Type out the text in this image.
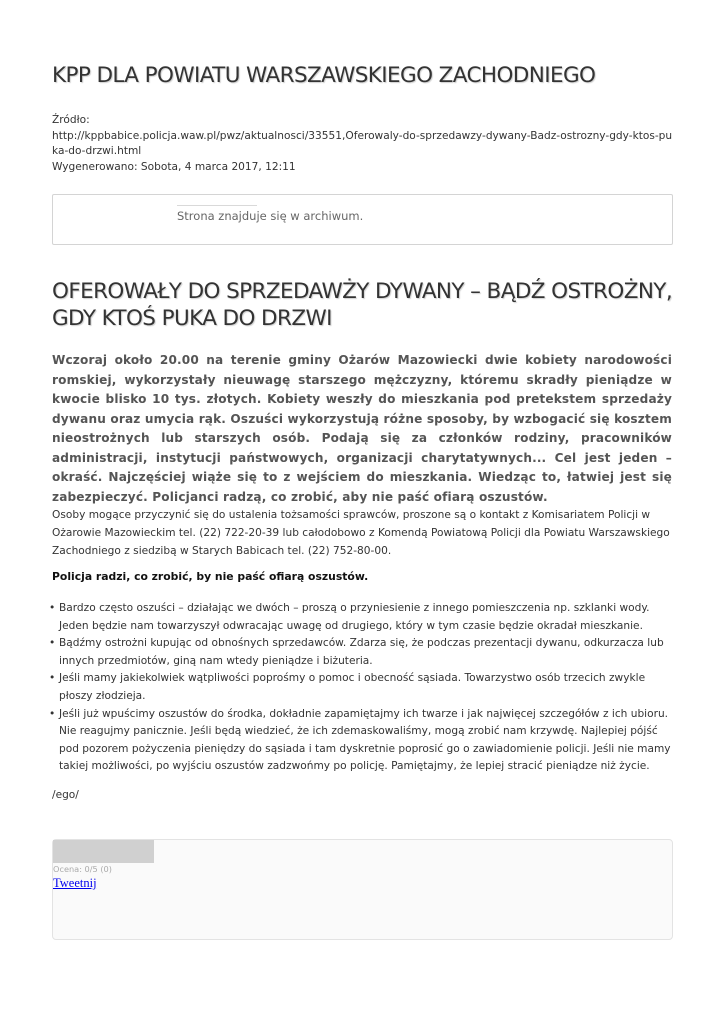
KPP DLA POWIATU WARSZAWSKIEGO ZACHODNIEGO
Źródło:
http://kppbabice.policja.waw.pl/pwz/aktualnosci/33551,Oferowaly-do-sprzedawzy-dywany-Badz-ostrozny-gdy-ktos-puka-do-drzwi.html
Wygenerowano: Sobota, 4 marca 2017, 12:11
Strona znajduje się w archiwum.
OFEROWAŁY DO SPRZEDAWŻY DYWANY – BĄDŹ OSTROŻNY, GDY KTOŚ PUKA DO DRZWI

Wczoraj około 20.00 na terenie gminy Ożarów Mazowiecki dwie kobiety narodowości romskiej, wykorzystały nieuwagę starszego mężczyzny, któremu skradły pieniądze w kwocie blisko 10 tys. złotych. Kobiety weszły do mieszkania pod pretekstem sprzedaży dywanu oraz umycia rąk. Oszuści wykorzystują różne sposoby, by wzbogacić się kosztem nieostrożnych lub starszych osób. Podają się za członków rodziny, pracowników administracji, instytucji państwowych, organizacji charytatywnych... Cel jest jeden – okraść. Najczęściej wiąże się to z wejściem do mieszkania. Wiedząc to, łatwiej jest się zabezpieczyć. Policjanci radzą, co zrobić, aby nie paść ofiarą oszustów.

Osoby mogące przyczynić się do ustalenia tożsamości sprawców, proszone są o kontakt z Komisariatem Policji w Ożarowie Mazowieckim tel. (22) 722-20-39 lub całodobowo z Komendą Powiatową Policji dla Powiatu Warszawskiego Zachodniego z siedzibą w Starych Babicach tel. (22) 752-80-00.

Policja radzi, co zrobić, by nie paść ofiarą oszustów.

• Bardzo często oszuści – działając we dwóch – proszą o przyniesienie z innego pomieszczenia np. szklanki wody. Jeden będzie nam towarzyszył odwracając uwagę od drugiego, który w tym czasie będzie okradał mieszkanie.
• Bądźmy ostrożni kupując od obnośnych sprzedawców. Zdarza się, że podczas prezentacji dywanu, odkurzacza lub innych przedmiotów, giną nam wtedy pieniądze i biżuteria.
• Jeśli mamy jakiekolwiek wątpliwości poprośmy o pomoc i obecność sąsiada. Towarzystwo osób trzecich zwykle płoszy złodzieja.
• Jeśli już wpuścimy oszustów do środka, dokładnie zapamiętajmy ich twarze i jak najwięcej szczegółów z ich ubioru. Nie reagujmy panicznie. Jeśli będą wiedzieć, że ich zdemaskowaliśmy, mogą zrobić nam krzywdę. Najlepiej pójść pod pozorem pożyczenia pieniędzy do sąsiada i tam dyskretnie poprosić go o zawiadomienie policji. Jeśli nie mamy takiej możliwości, po wyjściu oszustów zadzwońmy po policję. Pamiętajmy, że lepiej stracić pieniądze niż życie.

/ego/

Ocena: 0/5 (0)
Tweetnij
